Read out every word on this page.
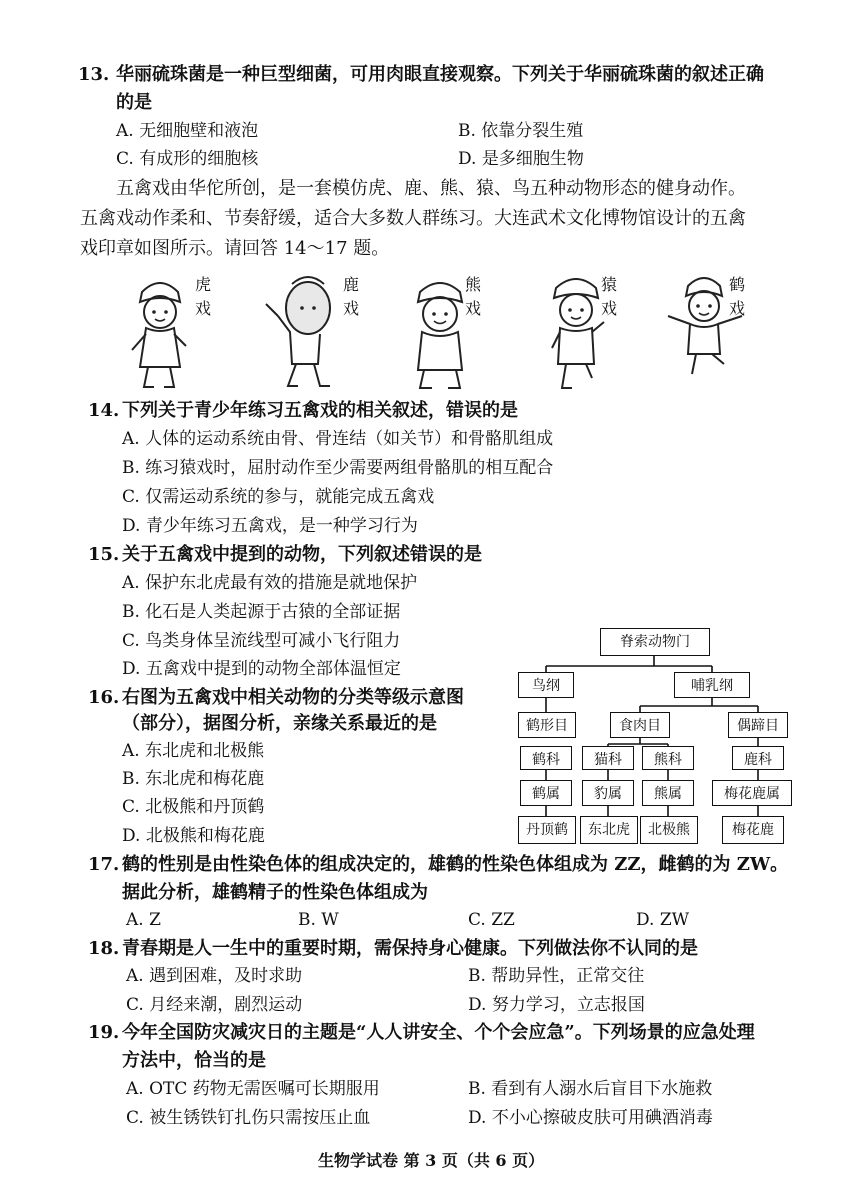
13. 华丽硫珠菌是一种巨型细菌，可用肉眼直接观察。下列关于华丽硫珠菌的叙述正确
的是
A. 无细胞壁和液泡	B. 依靠分裂生殖
C. 有成形的细胞核	D. 是多细胞生物
五禽戏由华佗所创，是一套模仿虎、鹿、熊、猿、鸟五种动物形态的健身动作。
五禽戏动作柔和、节奏舒缓，适合大多数人群练习。大连武术文化博物馆设计的五禽
戏印章如图所示。请回答 14～17 题。
虎
戏
鹿
戏
熊
戏
猿
戏
鹤
戏
14. 下列关于青少年练习五禽戏的相关叙述，错误的是
A. 人体的运动系统由骨、骨连结（如关节）和骨骼肌组成
B. 练习猿戏时，屈肘动作至少需要两组骨骼肌的相互配合
C. 仅需运动系统的参与，就能完成五禽戏
D. 青少年练习五禽戏，是一种学习行为
15. 关于五禽戏中提到的动物，下列叙述错误的是
A. 保护东北虎最有效的措施是就地保护
B. 化石是人类起源于古猿的全部证据
C. 鸟类身体呈流线型可减小飞行阻力
D. 五禽戏中提到的动物全部体温恒定
16. 右图为五禽戏中相关动物的分类等级示意图
（部分），据图分析，亲缘关系最近的是
A. 东北虎和北极熊
B. 东北虎和梅花鹿
C. 北极熊和丹顶鹤
D. 北极熊和梅花鹿
脊索动物门
鸟纲	哺乳纲
鹤形目	食肉目	偶蹄目
鹤科	猫科	熊科	鹿科
鹤属	豹属	熊属	梅花鹿属
丹顶鹤	东北虎	北极熊	梅花鹿
17. 鹤的性别是由性染色体的组成决定的，雄鹤的性染色体组成为 ZZ，雌鹤的为 ZW。
据此分析，雄鹤精子的性染色体组成为
A. Z	B. W	C. ZZ	D. ZW
18. 青春期是人一生中的重要时期，需保持身心健康。下列做法你不认同的是
A. 遇到困难，及时求助	B. 帮助异性，正常交往
C. 月经来潮，剧烈运动	D. 努力学习，立志报国
19. 今年全国防灾减灾日的主题是“人人讲安全、个个会应急”。下列场景的应急处理
方法中，恰当的是
A. OTC 药物无需医嘱可长期服用	B. 看到有人溺水后盲目下水施救
C. 被生锈铁钉扎伤只需按压止血	D. 不小心擦破皮肤可用碘酒消毒
生物学试卷 第 3 页（共 6 页）
